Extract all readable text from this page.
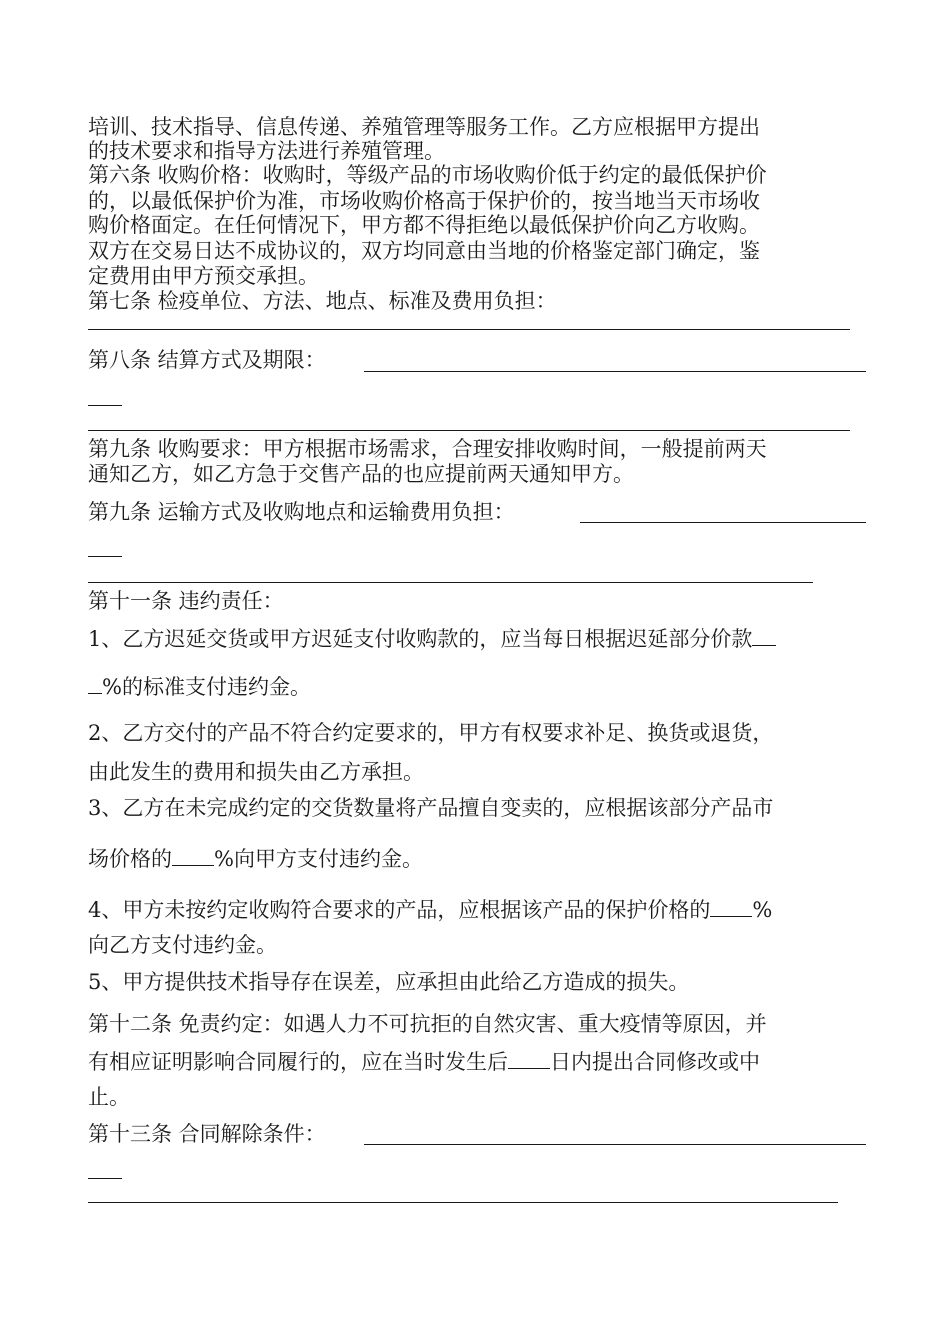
培训、技术指导、信息传递、养殖管理等服务工作。乙方应根据甲方提出

的技术要求和指导方法进行养殖管理。

第六条 收购价格：收购时，等级产品的市场收购价低于约定的最低保护价

的，以最低保护价为准，市场收购价格高于保护价的，按当地当天市场收

购价格面定。在任何情况下，甲方都不得拒绝以最低保护价向乙方收购。

双方在交易日达不成协议的，双方均同意由当地的价格鉴定部门确定，鉴

定费用由甲方预交承担。

第七条 检疫单位、方法、地点、标准及费用负担：

第八条 结算方式及期限：

第九条 收购要求：甲方根据市场需求，合理安排收购时间，一般提前两天

通知乙方，如乙方急于交售产品的也应提前两天通知甲方。

第九条 运输方式及收购地点和运输费用负担：

第十一条 违约责任：

1、乙方迟延交货或甲方迟延支付收购款的，应当每日根据迟延部分价款

%的标准支付违约金。

2、乙方交付的产品不符合约定要求的，甲方有权要求补足、换货或退货，

由此发生的费用和损失由乙方承担。

3、乙方在未完成约定的交货数量将产品擅自变卖的，应根据该部分产品市

场价格的 %向甲方支付违约金。

4、甲方未按约定收购符合要求的产品，应根据该产品的保护价格的 %

向乙方支付违约金。

5、甲方提供技术指导存在误差，应承担由此给乙方造成的损失。

第十二条 免责约定：如遇人力不可抗拒的自然灾害、重大疫情等原因，并

有相应证明影响合同履行的，应在当时发生后 日内提出合同修改或中

止。

第十三条 合同解除条件：
